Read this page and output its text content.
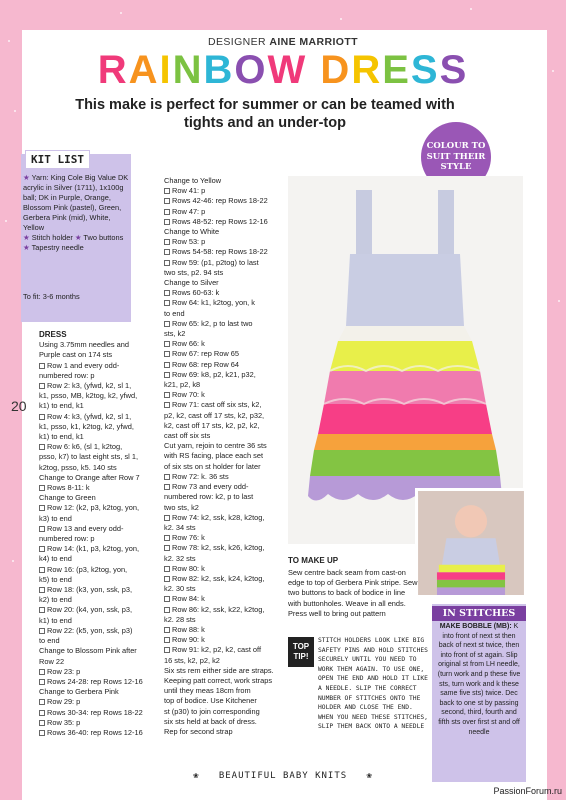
DESIGNER AINE MARRIOTT
RAINBOW DRESS
This make is perfect for summer or can be teamed with tights and an under-top
COLOUR TO SUIT THEIR STYLE
KIT LIST
★ Yarn: King Cole Big Value DK acrylic in Silver (1711), 1x100g ball; DK in Purple, Orange, Blossom Pink (pastel), Green, Gerbera Pink (mid), White, Yellow
★ Stitch holder ★ Two buttons
★ Tapestry needle
To fit: 3-6 months
DRESS
Using 3.75mm needles and
Purple cast on 174 sts
Row 1 and every odd-
numbered row: p
Row 2: k3, (yfwd, k2, sl 1,
k1, psso, MB, k2tog, k2, yfwd,
k1) to end, k1
Row 4: k3, (yfwd, k2, sl 1,
k1, psso, k1, k2tog, k2, yfwd,
k1) to end, k1
Row 6: k6, (sl 1, k2tog,
psso, k7) to last eight sts, sl 1,
k2tog, psso, k5. 140 sts
Change to Orange after Row 7
Rows 8-11: k
Change to Green
Row 12: (k2, p3, k2tog, yon,
k3) to end
Row 13 and every odd-
numbered row: p
Row 14: (k1, p3, k2tog, yon,
k4) to end
Row 16: (p3, k2tog, yon,
k5) to end
Row 18: (k3, yon, ssk, p3,
k2) to end
Row 20: (k4, yon, ssk, p3,
k1) to end
Row 22: (k5, yon, ssk, p3)
to end
Change to Blossom Pink after
Row 22
Row 23: p
Rows 24-28: rep Rows 12-16
Change to Gerbera Pink
Row 29: p
Rows 30-34: rep Rows 18-22
Row 35: p
Rows 36-40: rep Rows 12-16
Change to Yellow
Row 41: p
Rows 42-46: rep Rows 18-22
Row 47: p
Rows 48-52: rep Rows 12-16
Change to White
Row 53: p
Rows 54-58: rep Rows 18-22
Row 59: (p1, p2tog) to last
two sts, p2. 94 sts
Change to Silver
Rows 60-63: k
Row 64: k1, k2tog, yon, k
to end
Row 65: k2, p to last two
sts, k2
Row 66: k
Row 67: rep Row 65
Row 68: rep Row 64
Row 69: k8, p2, k21, p32,
k21, p2, k8
Row 70: k
Row 71: cast off six sts, k2,
p2, k2, cast off 17 sts, k2, p32,
k2, cast off 17 sts, k2, p2, k2,
cast off six sts
Cut yarn, rejoin to centre 36 sts
with RS facing, place each set
of six sts on st holder for later
Row 72: k. 36 sts
Row 73 and every odd-
numbered row: k2, p to last
two sts, k2
Row 74: k2, ssk, k28, k2tog,
k2. 34 sts
Row 76: k
Row 78: k2, ssk, k26, k2tog,
k2. 32 sts
Row 80: k
Row 82: k2, ssk, k24, k2tog,
k2. 30 sts
Row 84: k
Row 86: k2, ssk, k22, k2tog,
k2. 28 sts
Row 88: k
Row 90: k
Row 91: k2, p2, k2, cast off
16 sts, k2, p2, k2
Six sts rem either side are straps.
Keeping patt correct, work straps
until they meas 18cm from
top of bodice. Use Kitchener
st (p30) to join corresponding
six sts held at back of dress.
Rep for second strap
20
TO MAKE UP
Sew centre back seam from cast-on edge to top of Gerbera Pink stripe. Sew two buttons to back of bodice in line with buttonholes. Weave in all ends. Press well to bring out pattern
TOP TIP!
STITCH HOLDERS LOOK LIKE BIG SAFETY PINS AND HOLD STITCHES SECURELY UNTIL YOU NEED TO WORK THEM AGAIN. TO USE ONE, OPEN THE END AND HOLD IT LIKE A NEEDLE. SLIP THE CORRECT NUMBER OF STITCHES ONTO THE HOLDER AND CLOSE THE END. WHEN YOU NEED THESE STITCHES, SLIP THEM BACK ONTO A NEEDLE
IN STITCHES
MAKE BOBBLE (MB): K into front of next st then back of next st twice, then into front of st again. Slip original st from LH needle, (turn work and p these five sts, turn work and k these same five sts) twice. Dec back to one st by passing second, third, fourth and fifth sts over first st and off needle
❀ BEAUTIFUL BABY KNITS ❀
PassionForum.ru
